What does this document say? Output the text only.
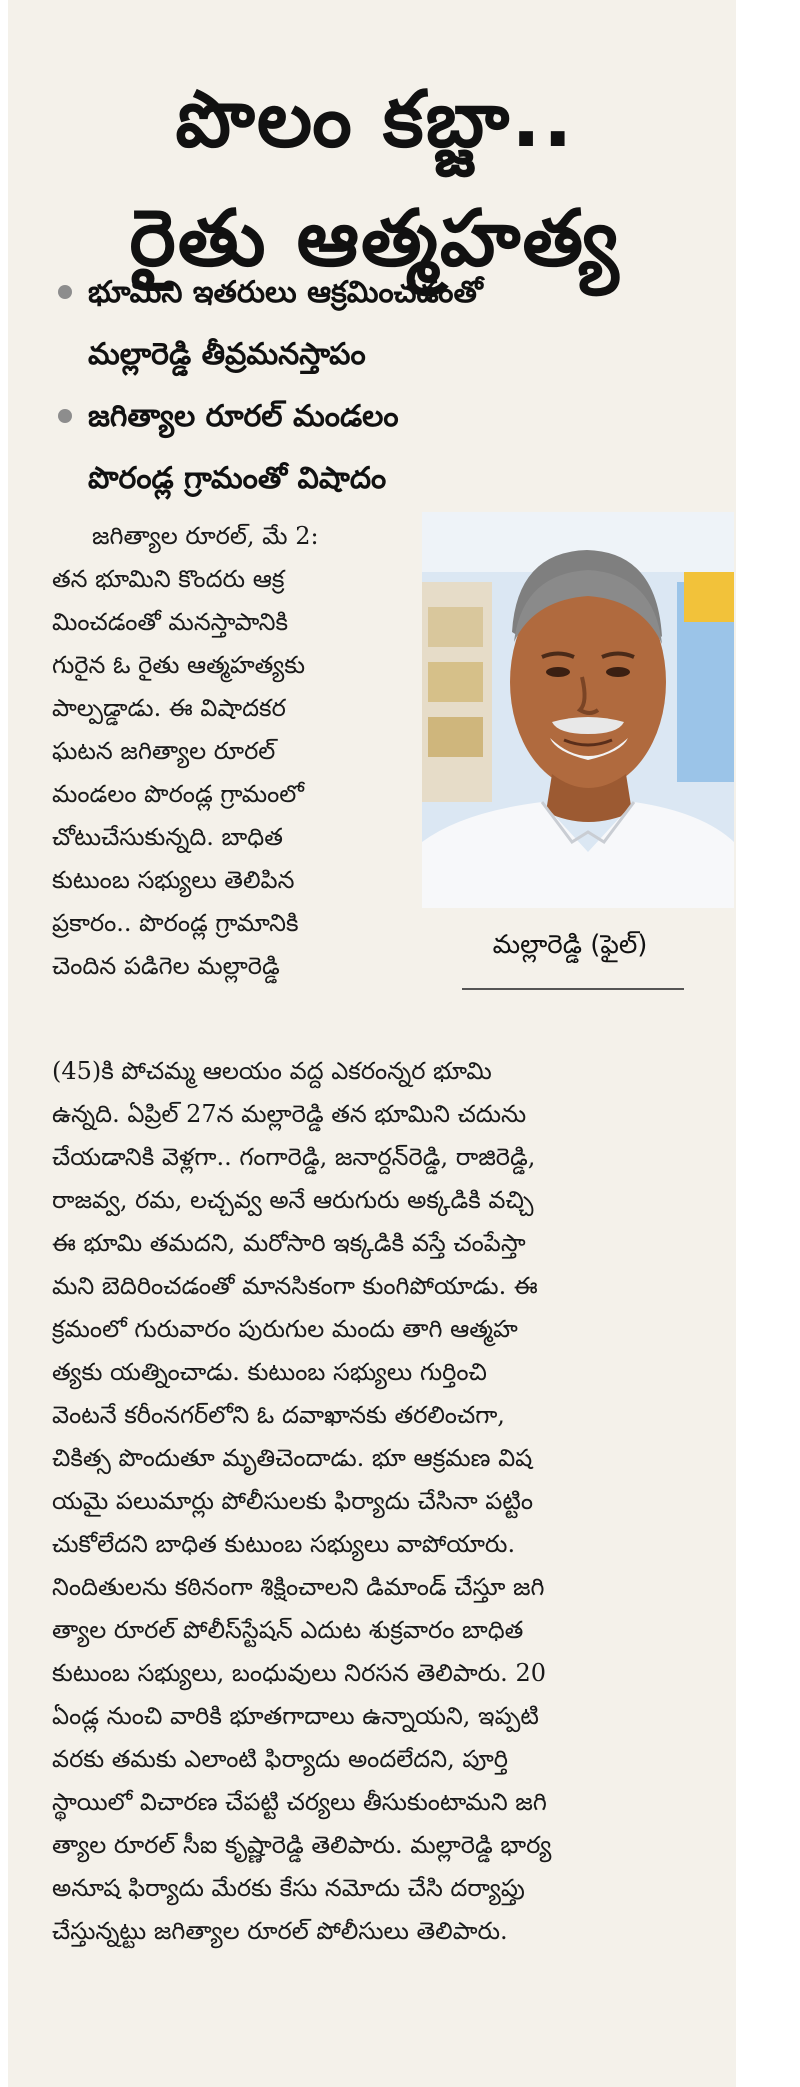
పొలం కబ్జా..
రైతు ఆత్మహత్య
భూమిని ఇతరులు ఆక్రమించడంతో
మల్లారెడ్డి తీవ్రమనస్తాపం
జగిత్యాల రూరల్ మండలం
పొరండ్ల గ్రామంతో విషాదం
మల్లారెడ్డి (ఫైల్)
జగిత్యాల రూరల్, మే 2:
తన భూమిని కొందరు ఆక్ర
మించడంతో మనస్తాపానికి
గురైన ఓ రైతు ఆత్మహత్యకు
పాల్పడ్డాడు. ఈ విషాదకర
ఘటన జగిత్యాల రూరల్
మండలం పొరండ్ల గ్రామంలో
చోటుచేసుకున్నది. బాధిత
కుటుంబ సభ్యులు తెలిపిన
ప్రకారం.. పొరండ్ల గ్రామానికి
చెందిన పడిగెల మల్లారెడ్డి
(45)కి పోచమ్మ ఆలయం వద్ద ఎకరంన్నర భూమి
ఉన్నది. ఏప్రిల్ 27న మల్లారెడ్డి తన భూమిని చదును
చేయడానికి వెళ్లగా.. గంగారెడ్డి, జనార్దన్‌రెడ్డి, రాజిరెడ్డి,
రాజవ్వ, రమ, లచ్చవ్వ అనే ఆరుగురు అక్కడికి వచ్చి
ఈ భూమి తమదని, మరోసారి ఇక్కడికి వస్తే చంపేస్తా
మని బెదిరించడంతో మానసికంగా కుంగిపోయాడు. ఈ
క్రమంలో గురువారం పురుగుల మందు తాగి ఆత్మహ
త్యకు యత్నించాడు. కుటుంబ సభ్యులు గుర్తించి
వెంటనే కరీంనగర్‌లోని ఓ దవాఖానకు తరలించగా,
చికిత్స పొందుతూ మృతిచెందాడు. భూ ఆక్రమణ విష
యమై పలుమార్లు పోలీసులకు ఫిర్యాదు చేసినా పట్టిం
చుకోలేదని బాధిత కుటుంబ సభ్యులు వాపోయారు.
నిందితులను కఠినంగా శిక్షించాలని డిమాండ్ చేస్తూ జగి
త్యాల రూరల్ పోలీస్‌స్టేషన్ ఎదుట శుక్రవారం బాధిత
కుటుంబ సభ్యులు, బంధువులు నిరసన తెలిపారు. 20
ఏండ్ల నుంచి వారికి భూతగాదాలు ఉన్నాయని, ఇప్పటి
వరకు తమకు ఎలాంటి ఫిర్యాదు అందలేదని, పూర్తి
స్థాయిలో విచారణ చేపట్టి చర్యలు తీసుకుంటామని జగి
త్యాల రూరల్ సీఐ కృష్ణారెడ్డి తెలిపారు. మల్లారెడ్డి భార్య
అనూష ఫిర్యాదు మేరకు కేసు నమోదు చేసి దర్యాప్తు
చేస్తున్నట్టు జగిత్యాల రూరల్ పోలీసులు తెలిపారు.
